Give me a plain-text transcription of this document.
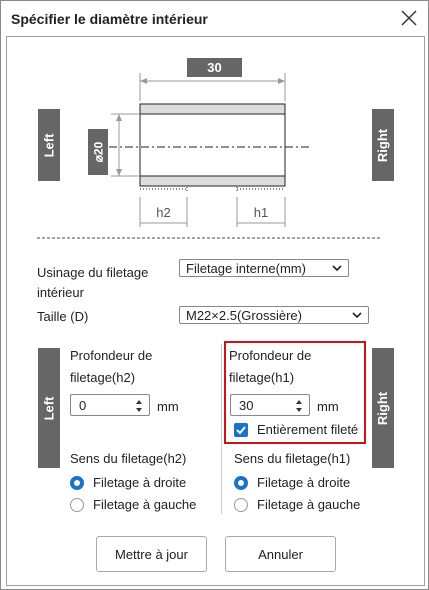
Spécifier le diamètre intérieur
30
⌀20
h2	h1
Left	Right
Usinage du filetage intérieur
Filetage interne(mm)
Taille (D)	M22×2.5(Grossière)
Left
Profondeur de filetage(h2)
0	mm
Sens du filetage(h2)
Filetage à droite
Filetage à gauche
Profondeur de filetage(h1)
30	mm
Entièrement fileté
Right
Sens du filetage(h1)
Filetage à droite
Filetage à gauche
Mettre à jour	Annuler
